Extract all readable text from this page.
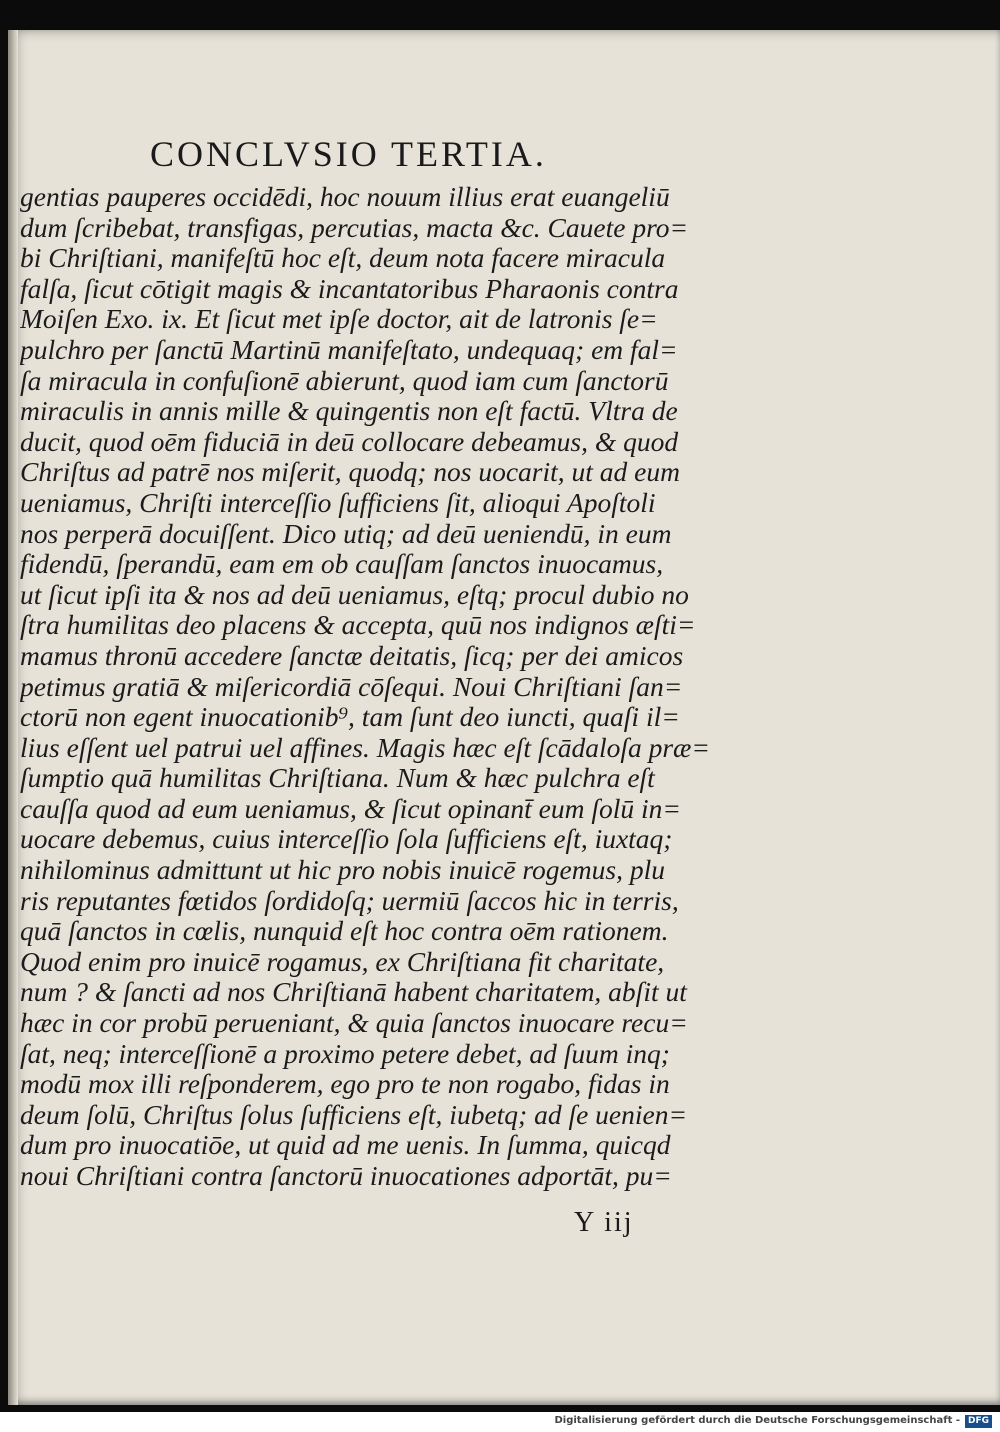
CONCLVSIO TERTIA.
gentias pauperes occidēdi, hoc nouum illius erat euangeliū
dum ſcribebat, transfigas, percutias, macta &c. Cauete pro=
bi Chriſtiani, manifeſtū hoc eſt, deum nota facere miracula
falſa, ſicut cōtigit magis & incantatoribus Pharaonis contra
Moiſen Exo. ix. Et ſicut met ipſe doctor, ait de latronis ſe=
pulchro per ſanctū Martinū manifeſtato, undequaq; em fal=
ſa miracula in confuſionē abierunt, quod iam cum ſanctorū
miraculis in annis mille & quingentis non eſt factū. Vltra de
ducit, quod oēm fiduciā in deū collocare debeamus, & quod
Chriſtus ad patrē nos miſerit, quodq; nos uocarit, ut ad eum
ueniamus, Chriſti interceſſio ſufficiens ſit, alioqui Apoſtoli
nos perperā docuiſſent. Dico utiq; ad deū ueniendū, in eum
fidendū, ſperandū, eam em ob cauſſam ſanctos inuocamus,
ut ſicut ipſi ita & nos ad deū ueniamus, eſtq; procul dubio no
ſtra humilitas deo placens & accepta, quū nos indignos æſti=
mamus thronū accedere ſanctæ deitatis, ſicq; per dei amicos
petimus gratiā & miſericordiā cōſequi. Noui Chriſtiani ſan=
ctorū non egent inuocationib⁹, tam ſunt deo iuncti, quaſi il=
lius eſſent uel patrui uel affines. Magis hæc eſt ſcādaloſa præ=
ſumptio quā humilitas Chriſtiana. Num & hæc pulchra eſt
cauſſa quod ad eum ueniamus, & ſicut opinant̄ eum ſolū in=
uocare debemus, cuius interceſſio ſola ſufficiens eſt, iuxtaq;
nihilominus admittunt ut hic pro nobis inuicē rogemus, plu
ris reputantes fœtidos ſordidoſq; uermiū ſaccos hic in terris,
quā ſanctos in cœlis, nunquid eſt hoc contra oēm rationem.
Quod enim pro inuicē rogamus, ex Chriſtiana fit charitate,
num ? & ſancti ad nos Chriſtianā habent charitatem, abſit ut
hæc in cor probū perueniant, & quia ſanctos inuocare recu=
ſat, neq; interceſſionē a proximo petere debet, ad ſuum inq;
modū mox illi reſponderem, ego pro te non rogabo, fidas in
deum ſolū, Chriſtus ſolus ſufficiens eſt, iubetq; ad ſe uenien=
dum pro inuocatiōe, ut quid ad me uenis. In ſumma, quicqd
noui Chriſtiani contra ſanctorū inuocationes adportāt, pu=
Y iij
Digitalisierung gefördert durch die Deutsche Forschungsgemeinschaft - DFG
